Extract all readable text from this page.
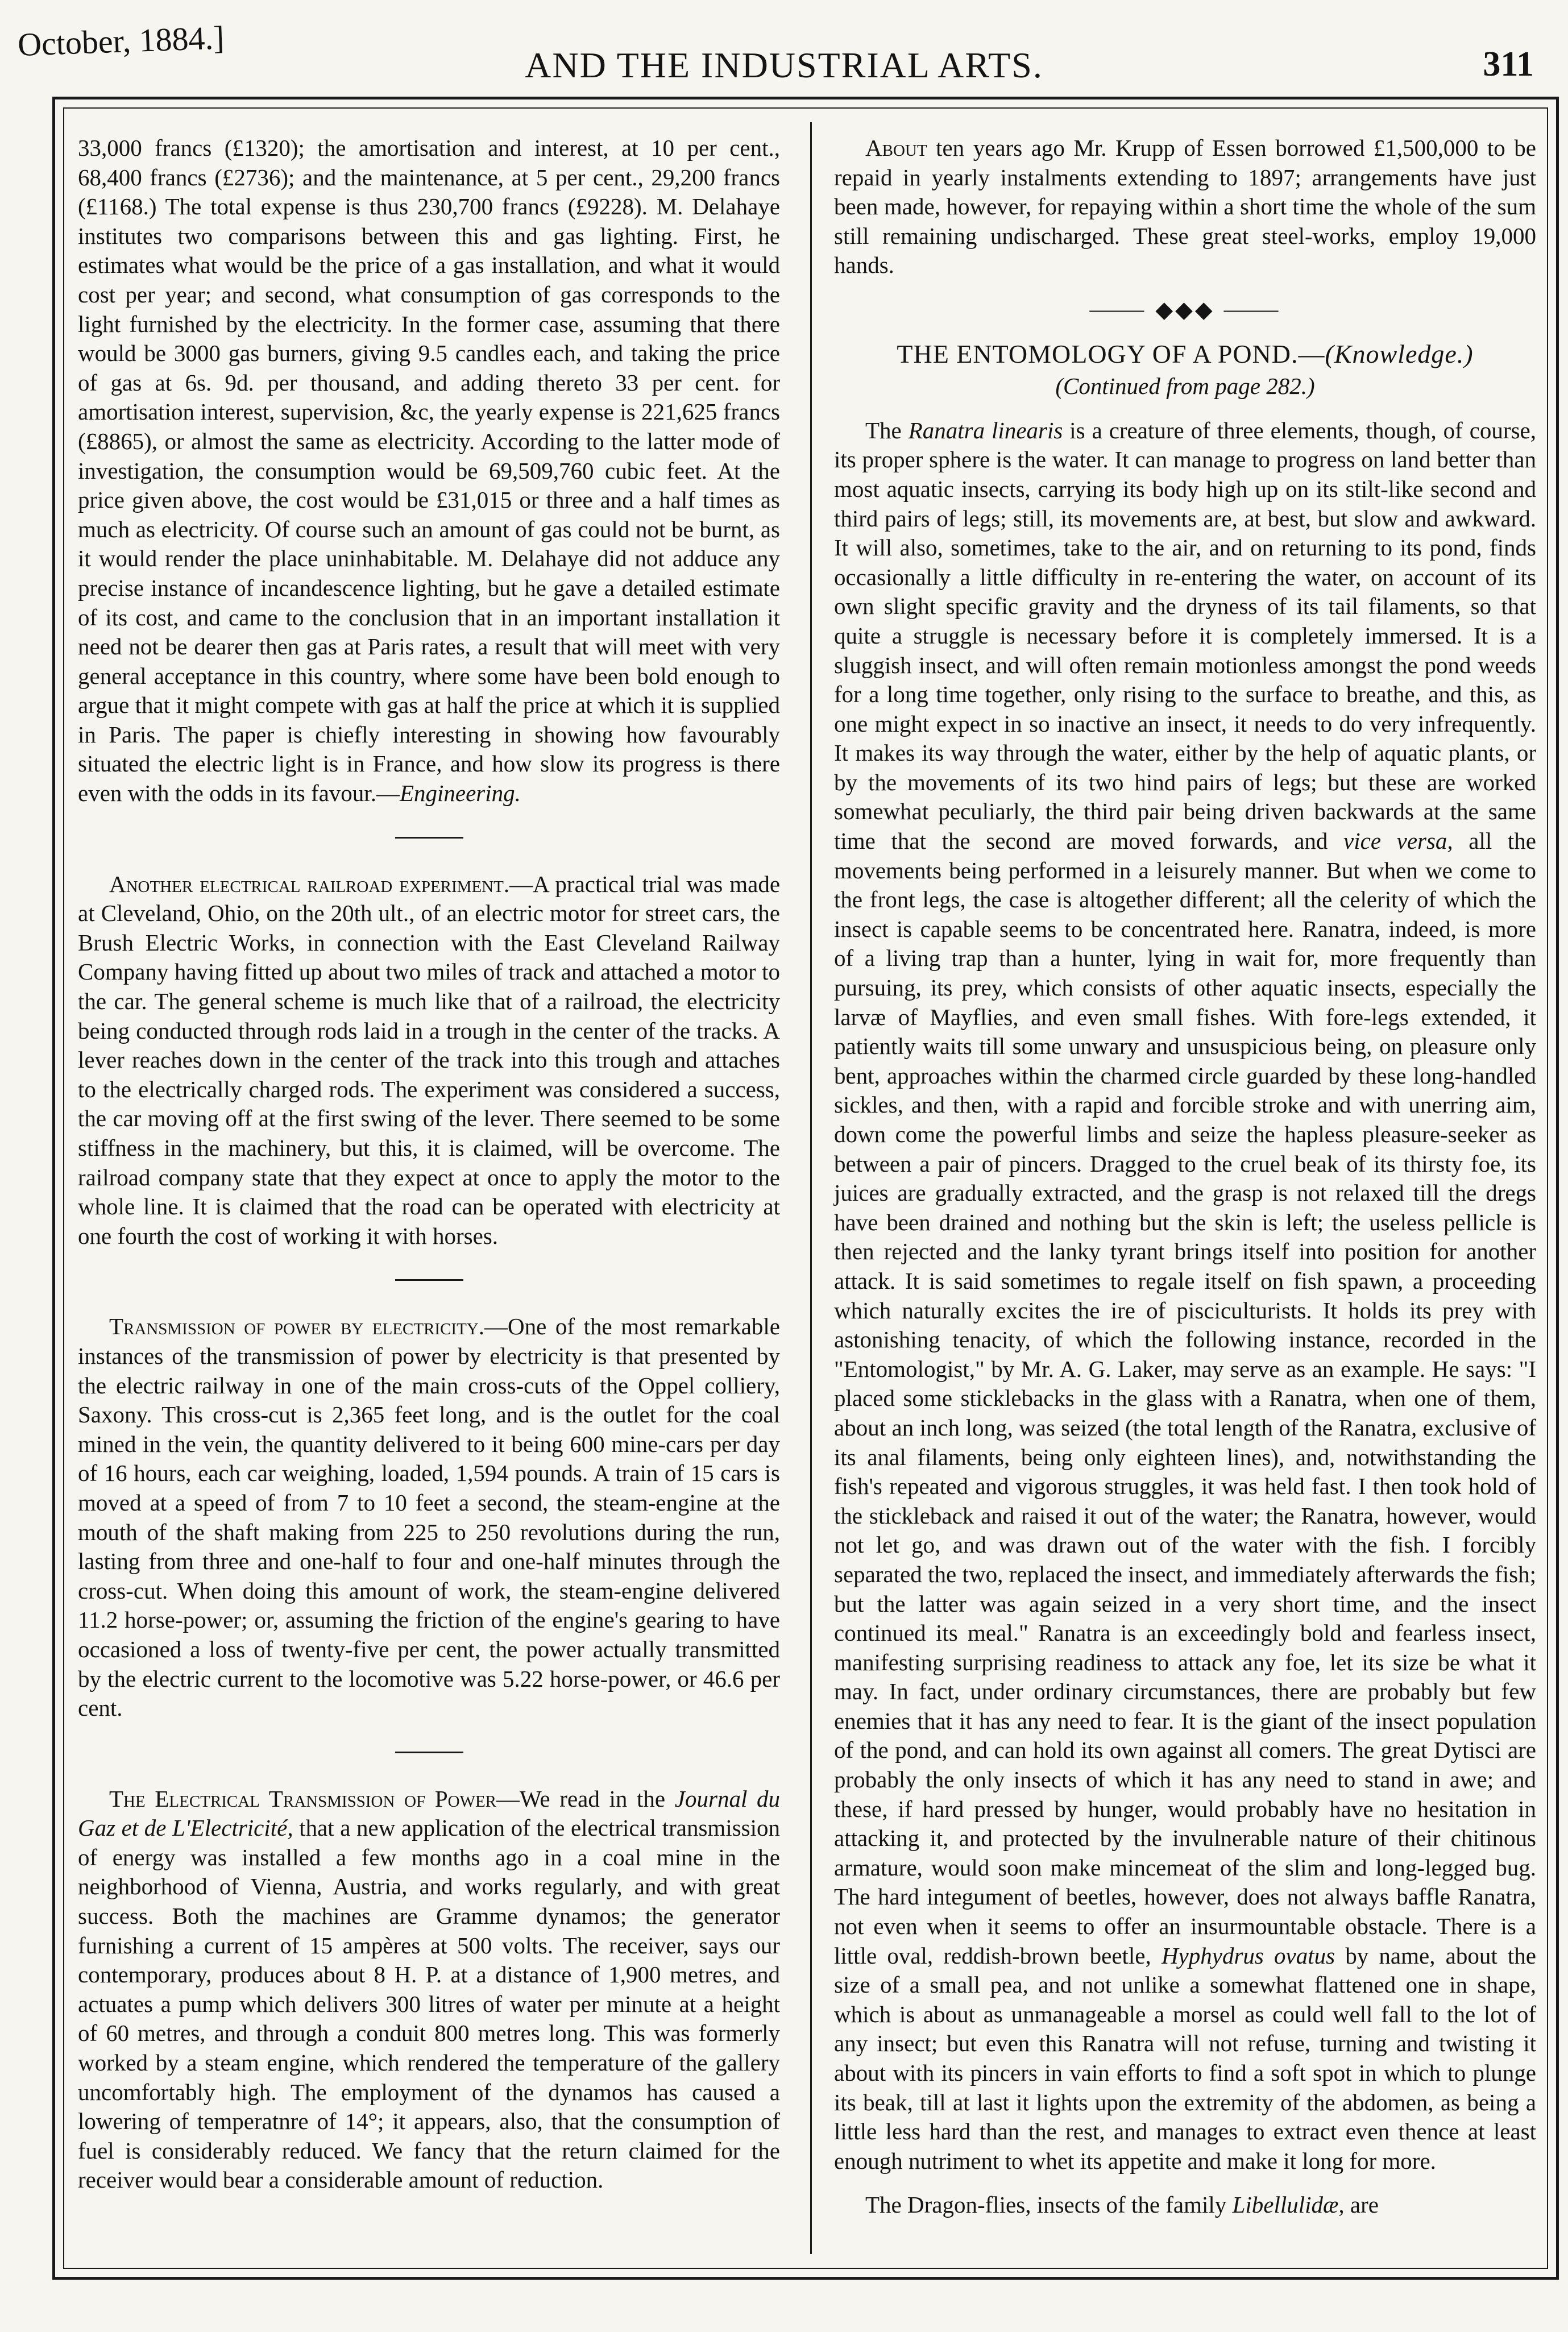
October, 1884.]
AND THE INDUSTRIAL ARTS.	311

33,000 francs (£1320); the amortisation and interest, at 10 per cent., 68,400 francs (£2736); and the maintenance, at 5 per cent., 29,200 francs (£1168.) The total expense is thus 230,700 francs (£9228). M. Delahaye institutes two comparisons between this and gas lighting. First, he estimates what would be the price of a gas installation, and what it would cost per year; and second, what consumption of gas corresponds to the light furnished by the electricity. In the former case, assuming that there would be 3000 gas burners, giving 9.5 candles each, and taking the price of gas at 6s. 9d. per thousand, and adding thereto 33 per cent. for amortisation interest, supervision, &c, the yearly expense is 221,625 francs (£8865), or almost the same as electricity. According to the latter mode of investigation, the consumption would be 69,509,760 cubic feet. At the price given above, the cost would be £31,015 or three and a half times as much as electricity. Of course such an amount of gas could not be burnt, as it would render the place uninhabitable. M. Delahaye did not adduce any precise instance of incandescence lighting, but he gave a detailed estimate of its cost, and came to the conclusion that in an important installation it need not be dearer then gas at Paris rates, a result that will meet with very general acceptance in this country, where some have been bold enough to argue that it might compete with gas at half the price at which it is supplied in Paris. The paper is chiefly interesting in showing how favourably situated the electric light is in France, and how slow its progress is there even with the odds in its favour.—Engineering.

Another electrical railroad experiment.—A practical trial was made at Cleveland, Ohio, on the 20th ult., of an electric motor for street cars, the Brush Electric Works, in connection with the East Cleveland Railway Company having fitted up about two miles of track and attached a motor to the car. The general scheme is much like that of a railroad, the electricity being conducted through rods laid in a trough in the center of the tracks. A lever reaches down in the center of the track into this trough and attaches to the electrically charged rods. The experiment was considered a success, the car moving off at the first swing of the lever. There seemed to be some stiffness in the machinery, but this, it is claimed, will be overcome. The railroad company state that they expect at once to apply the motor to the whole line. It is claimed that the road can be operated with electricity at one fourth the cost of working it with horses.

Transmission of power by electricity.—One of the most remarkable instances of the transmission of power by electricity is that presented by the electric railway in one of the main cross-cuts of the Oppel colliery, Saxony. This cross-cut is 2,365 feet long, and is the outlet for the coal mined in the vein, the quantity delivered to it being 600 mine-cars per day of 16 hours, each car weighing, loaded, 1,594 pounds. A train of 15 cars is moved at a speed of from 7 to 10 feet a second, the steam-engine at the mouth of the shaft making from 225 to 250 revolutions during the run, lasting from three and one-half to four and one-half minutes through the cross-cut. When doing this amount of work, the steam-engine delivered 11.2 horse-power; or, assuming the friction of the engine's gearing to have occasioned a loss of twenty-five per cent, the power actually transmitted by the electric current to the locomotive was 5.22 horse-power, or 46.6 per cent.

The Electrical Transmission of Power—We read in the Journal du Gaz et de L'Electricité, that a new application of the electrical transmission of energy was installed a few months ago in a coal mine in the neighborhood of Vienna, Austria, and works regularly, and with great success. Both the machines are Gramme dynamos; the generator furnishing a current of 15 ampères at 500 volts. The receiver, says our contemporary, produces about 8 H. P. at a distance of 1,900 metres, and actuates a pump which delivers 300 litres of water per minute at a height of 60 metres, and through a conduit 800 metres long. This was formerly worked by a steam engine, which rendered the temperature of the gallery uncomfortably high. The employment of the dynamos has caused a lowering of temperatnre of 14°; it appears, also, that the consumption of fuel is considerably reduced. We fancy that the return claimed for the receiver would bear a considerable amount of reduction.

About ten years ago Mr. Krupp of Essen borrowed £1,500,000 to be repaid in yearly instalments extending to 1897; arrangements have just been made, however, for repaying within a short time the whole of the sum still remaining undischarged. These great steel-works, employ 19,000 hands.

⸻ ◆◆◆ ⸻
THE ENTOMOLOGY OF A POND.—(Knowledge.)
(Continued from page 282.)

The Ranatra linearis is a creature of three elements, though, of course, its proper sphere is the water. It can manage to progress on land better than most aquatic insects, carrying its body high up on its stilt-like second and third pairs of legs; still, its movements are, at best, but slow and awkward. It will also, sometimes, take to the air, and on returning to its pond, finds occasionally a little difficulty in re-entering the water, on account of its own slight specific gravity and the dryness of its tail filaments, so that quite a struggle is necessary before it is completely immersed. It is a sluggish insect, and will often remain motionless amongst the pond weeds for a long time together, only rising to the surface to breathe, and this, as one might expect in so inactive an insect, it needs to do very infrequently. It makes its way through the water, either by the help of aquatic plants, or by the movements of its two hind pairs of legs; but these are worked somewhat peculiarly, the third pair being driven backwards at the same time that the second are moved forwards, and vice versa, all the movements being performed in a leisurely manner. But when we come to the front legs, the case is altogether different; all the celerity of which the insect is capable seems to be concentrated here. Ranatra, indeed, is more of a living trap than a hunter, lying in wait for, more frequently than pursuing, its prey, which consists of other aquatic insects, especially the larvæ of Mayflies, and even small fishes. With fore-legs extended, it patiently waits till some unwary and unsuspicious being, on pleasure only bent, approaches within the charmed circle guarded by these long-handled sickles, and then, with a rapid and forcible stroke and with unerring aim, down come the powerful limbs and seize the hapless pleasure-seeker as between a pair of pincers. Dragged to the cruel beak of its thirsty foe, its juices are gradually extracted, and the grasp is not relaxed till the dregs have been drained and nothing but the skin is left; the useless pellicle is then rejected and the lanky tyrant brings itself into position for another attack. It is said sometimes to regale itself on fish spawn, a proceeding which naturally excites the ire of pisciculturists. It holds its prey with astonishing tenacity, of which the following instance, recorded in the "Entomologist," by Mr. A. G. Laker, may serve as an example. He says: "I placed some sticklebacks in the glass with a Ranatra, when one of them, about an inch long, was seized (the total length of the Ranatra, exclusive of its anal filaments, being only eighteen lines), and, notwithstanding the fish's repeated and vigorous struggles, it was held fast. I then took hold of the stickleback and raised it out of the water; the Ranatra, however, would not let go, and was drawn out of the water with the fish. I forcibly separated the two, replaced the insect, and immediately afterwards the fish; but the latter was again seized in a very short time, and the insect continued its meal." Ranatra is an exceedingly bold and fearless insect, manifesting surprising readiness to attack any foe, let its size be what it may. In fact, under ordinary circumstances, there are probably but few enemies that it has any need to fear. It is the giant of the insect population of the pond, and can hold its own against all comers. The great Dytisci are probably the only insects of which it has any need to stand in awe; and these, if hard pressed by hunger, would probably have no hesitation in attacking it, and protected by the invulnerable nature of their chitinous armature, would soon make mincemeat of the slim and long-legged bug. The hard integument of beetles, however, does not always baffle Ranatra, not even when it seems to offer an insurmountable obstacle. There is a little oval, reddish-brown beetle, Hyphydrus ovatus by name, about the size of a small pea, and not unlike a somewhat flattened one in shape, which is about as unmanageable a morsel as could well fall to the lot of any insect; but even this Ranatra will not refuse, turning and twisting it about with its pincers in vain efforts to find a soft spot in which to plunge its beak, till at last it lights upon the extremity of the abdomen, as being a little less hard than the rest, and manages to extract even thence at least enough nutriment to whet its appetite and make it long for more.

The Dragon-flies, insects of the family Libellulidæ, are
